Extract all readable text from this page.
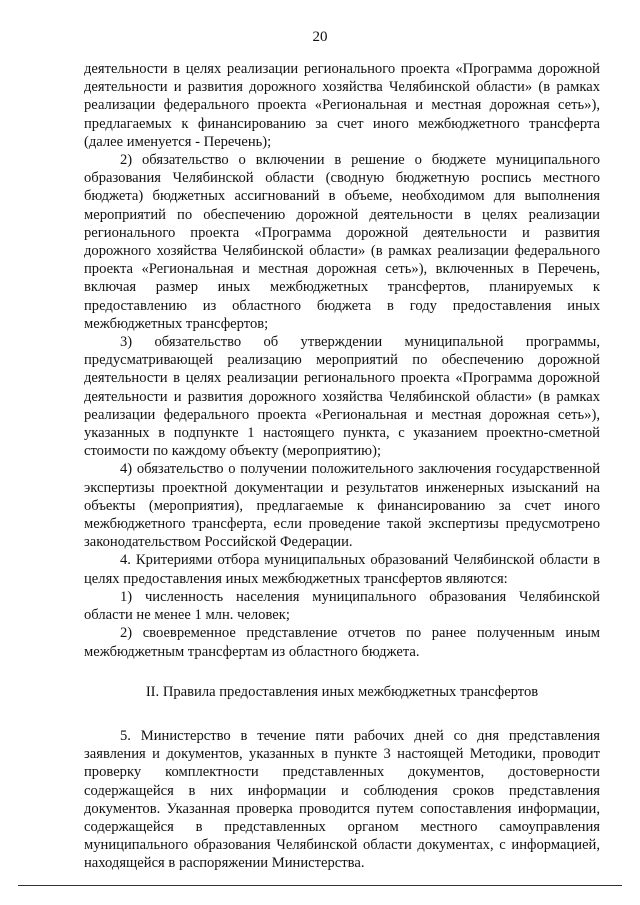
20

деятельности в целях реализации регионального проекта «Программа дорожной деятельности и развития дорожного хозяйства Челябинской области» (в рамках реализации федерального проекта «Региональная и местная дорожная сеть»), предлагаемых к финансированию за счет иного межбюджетного трансферта (далее именуется - Перечень);

2) обязательство о включении в решение о бюджете муниципального образования Челябинской области (сводную бюджетную роспись местного бюджета) бюджетных ассигнований в объеме, необходимом для выполнения мероприятий по обеспечению дорожной деятельности в целях реализации регионального проекта «Программа дорожной деятельности и развития дорожного хозяйства Челябинской области» (в рамках реализации федерального проекта «Региональная и местная дорожная сеть»), включенных в Перечень, включая размер иных межбюджетных трансфертов, планируемых к предоставлению из областного бюджета в году предоставления иных межбюджетных трансфертов;

3) обязательство об утверждении муниципальной программы, предусматривающей реализацию мероприятий по обеспечению дорожной деятельности в целях реализации регионального проекта «Программа дорожной деятельности и развития дорожного хозяйства Челябинской области» (в рамках реализации федерального проекта «Региональная и местная дорожная сеть»), указанных в подпункте 1 настоящего пункта, с указанием проектно-сметной стоимости по каждому объекту (мероприятию);

4) обязательство о получении положительного заключения государственной экспертизы проектной документации и результатов инженерных изысканий на объекты (мероприятия), предлагаемые к финансированию за счет иного межбюджетного трансферта, если проведение такой экспертизы предусмотрено законодательством Российской Федерации.

4. Критериями отбора муниципальных образований Челябинской области в целях предоставления иных межбюджетных трансфертов являются:

1) численность населения муниципального образования Челябинской области не менее 1 млн. человек;

2) своевременное представление отчетов по ранее полученным иным межбюджетным трансфертам из областного бюджета.

II. Правила предоставления иных межбюджетных трансфертов

5. Министерство в течение пяти рабочих дней со дня представления заявления и документов, указанных в пункте 3 настоящей Методики, проводит проверку комплектности представленных документов, достоверности содержащейся в них информации и соблюдения сроков представления документов. Указанная проверка проводится путем сопоставления информации, содержащейся в представленных органом местного самоуправления муниципального образования Челябинской области документах, с информацией, находящейся в распоряжении Министерства.
